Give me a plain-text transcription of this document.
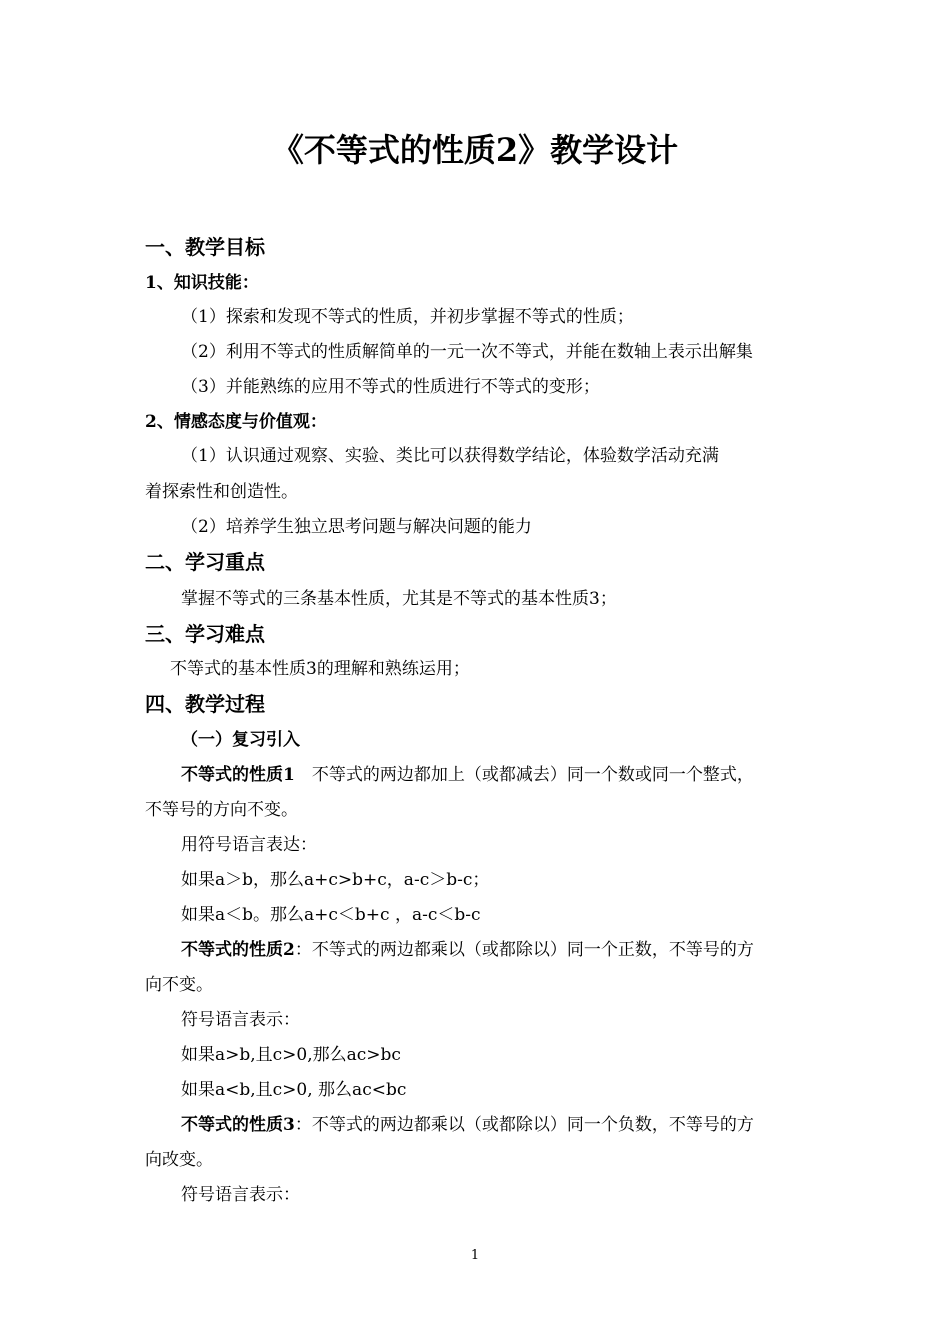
《不等式的性质2》教学设计
一、教学目标
1、知识技能：
（1）探索和发现不等式的性质，并初步掌握不等式的性质；
（2）利用不等式的性质解简单的一元一次不等式，并能在数轴上表示出解集
（3）并能熟练的应用不等式的性质进行不等式的变形；
2、情感态度与价值观：
（1）认识通过观察、实验、类比可以获得数学结论，体验数学活动充满
着探索性和创造性。
（2）培养学生独立思考问题与解决问题的能力
二、学习重点
掌握不等式的三条基本性质，尤其是不等式的基本性质3；
三、学习难点
不等式的基本性质3的理解和熟练运用；
四、教学过程
（一）复习引入
不等式的性质1　不等式的两边都加上（或都减去）同一个数或同一个整式，
不等号的方向不变。
用符号语言表达：
如果a＞b，那么a+c>b+c，a-c＞b-c；
如果a＜b。那么a+c＜b+c ，a-c＜b-c
不等式的性质2：不等式的两边都乘以（或都除以）同一个正数，不等号的方
向不变。
符号语言表示：
如果a>b,且c>0,那么ac>bc
如果a<b,且c>0, 那么ac<bc
不等式的性质3：不等式的两边都乘以（或都除以）同一个负数，不等号的方
向改变。
符号语言表示：
1
